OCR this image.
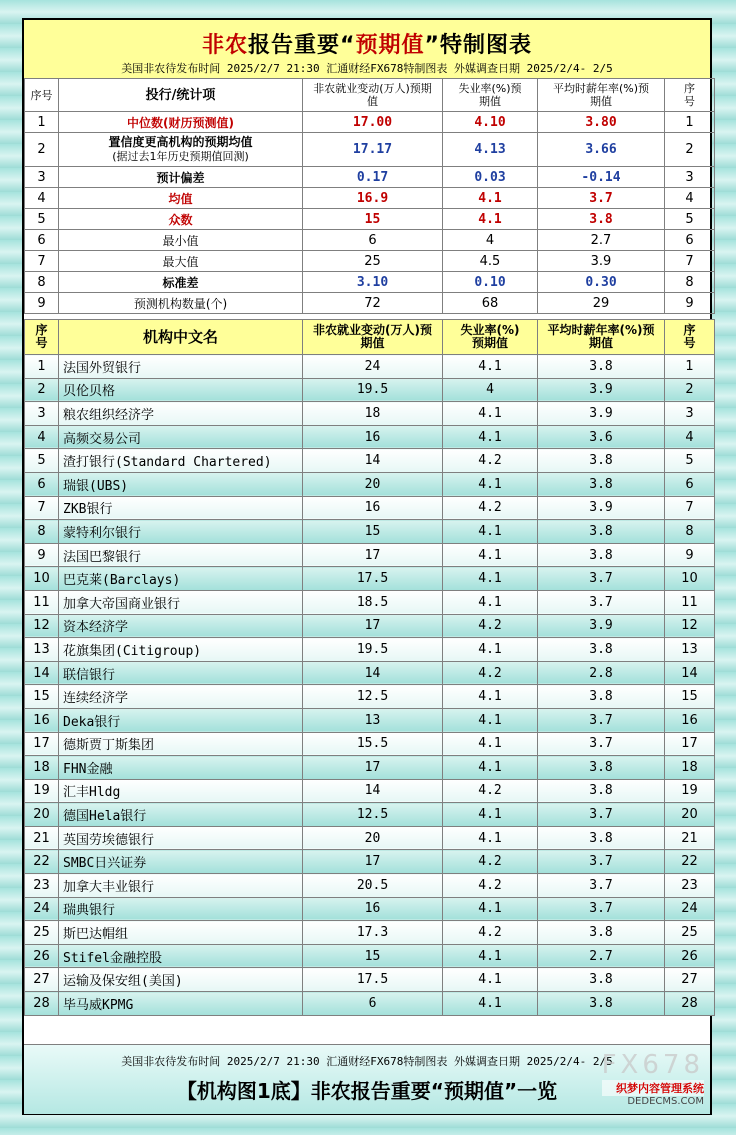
非农报告重要“预期值”特制图表
美国非农待发布时间 2025/2/7 21:30 汇通财经FX678特制图表 外媒调查日期 2025/2/4- 2/5
序号	投行/统计项	非农就业变动(万人)预期值	失业率(%)预期值	平均时薪年率(%)预期值	序号
1	中位数(财历预测值)	17.00	4.10	3.80	1
2	置信度更高机构的预期均值
(据过去1年历史预期值回测)	17.17	4.13	3.66	2
3	预计偏差	0.17	0.03	-0.14	3
4	均值	16.9	4.1	3.7	4
5	众数	15	4.1	3.8	5
6	最小值	6	4	2.7	6
7	最大值	25	4.5	3.9	7
8	标准差	3.10	0.10	0.30	8
9	预测机构数量(个)	72	68	29	9
序号	机构中文名	非农就业变动(万人)预期值	失业率(%)预期值	平均时薪年率(%)预期值	序号
1	法国外贸银行	24	4.1	3.8	1
2	贝伦贝格	19.5	4	3.9	2
3	粮农组织经济学	18	4.1	3.9	3
4	高频交易公司	16	4.1	3.6	4
5	渣打银行(Standard Chartered)	14	4.2	3.8	5
6	瑞银(UBS)	20	4.1	3.8	6
7	ZKB银行	16	4.2	3.9	7
8	蒙特利尔银行	15	4.1	3.8	8
9	法国巴黎银行	17	4.1	3.8	9
10	巴克莱(Barclays)	17.5	4.1	3.7	10
11	加拿大帝国商业银行	18.5	4.1	3.7	11
12	资本经济学	17	4.2	3.9	12
13	花旗集团(Citigroup)	19.5	4.1	3.8	13
14	联信银行	14	4.2	2.8	14
15	连续经济学	12.5	4.1	3.8	15
16	Deka银行	13	4.1	3.7	16
17	德斯贾丁斯集团	15.5	4.1	3.7	17
18	FHN金融	17	4.1	3.8	18
19	汇丰Hldg	14	4.2	3.8	19
20	德国Hela银行	12.5	4.1	3.7	20
21	英国劳埃德银行	20	4.1	3.8	21
22	SMBC日兴证券	17	4.2	3.7	22
23	加拿大丰业银行	20.5	4.2	3.7	23
24	瑞典银行	16	4.1	3.7	24
25	斯巴达帽组	17.3	4.2	3.8	25
26	Stifel金融控股	15	4.1	2.7	26
27	运输及保安组(美国)	17.5	4.1	3.8	27
28	毕马威KPMG	6	4.1	3.8	28
美国非农待发布时间 2025/2/7 21:30 汇通财经FX678特制图表 外媒调查日期 2025/2/4- 2/5
【机构图1底】非农报告重要“预期值”一览
FX678
织梦内容管理系统
DEDECMS.COM
